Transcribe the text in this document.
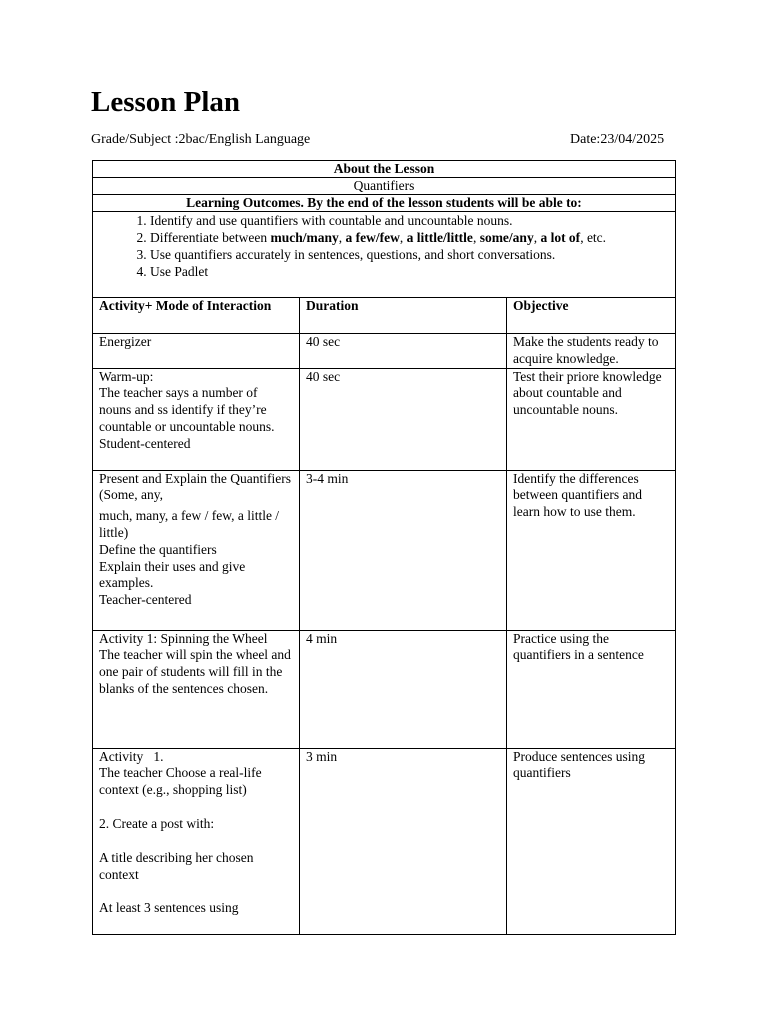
Lesson Plan
Grade/Subject :2bac/English Language	Date:23/04/2025
About the Lesson
Quantifiers
Learning Outcomes. By the end of the lesson students will be able to:

1. Identify and use quantifiers with countable and uncountable nouns.
2. Differentiate between much/many, a few/few, a little/little, some/any, a lot of, etc.
3. Use quantifiers accurately in sentences, questions, and short conversations.
4. Use Padlet
Activity+ Mode of Interaction	Duration	Objective

Energizer	40 sec	Make the students ready to acquire knowledge.

Warm-up:
The teacher says a number of nouns and ss identify if they’re countable or uncountable nouns. Student-centered	40 sec	Test their priore knowledge about countable and uncountable nouns.

Present and Explain the Quantifiers (Some, any,
much, many, a few / few, a little / little)
Define the quantifiers
Explain their uses and give examples.
Teacher-centered	3-4 min	Identify the differences between quantifiers and learn how to use them.

Activity 1: Spinning the Wheel
The teacher will spin the wheel and one pair of students will fill in the blanks of the sentences chosen.	4 min	Practice using the quantifiers in a sentence

Activity   1.
The teacher Choose a real-life context (e.g., shopping list)
2. Create a post with:
A title describing her chosen context
At least 3 sentences using	3 min	Produce sentences using quantifiers
